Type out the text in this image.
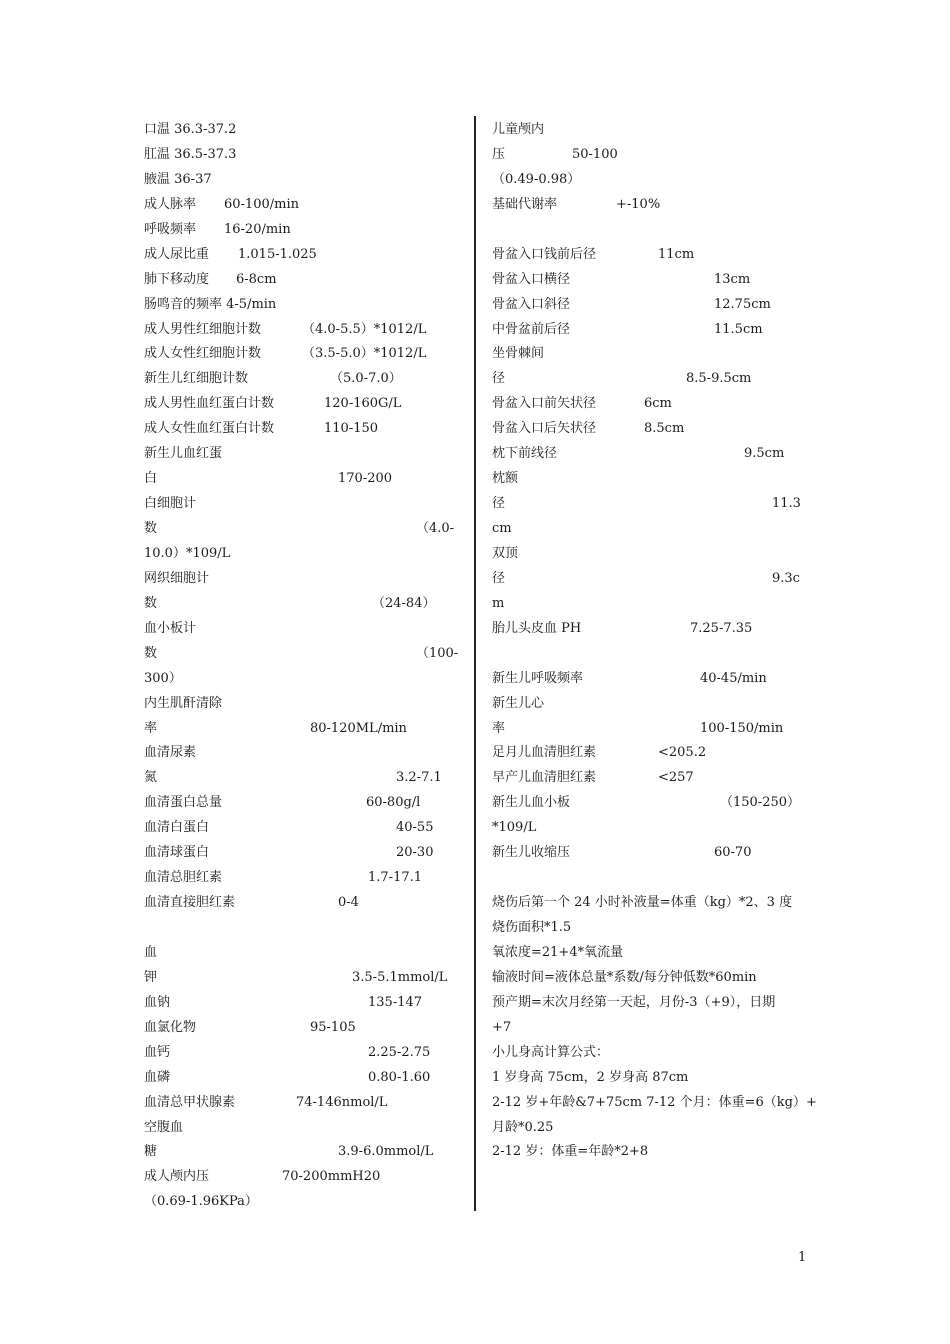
口温 36.3-37.2
肛温 36.5-37.3
腋温 36-37
成人脉率 60-100/min
呼吸频率 16-20/min
成人尿比重 1.015-1.025
肺下移动度 6-8cm
肠鸣音的频率 4-5/min
成人男性红细胞计数	（4.0-5.5）*1012/L
成人女性红细胞计数	（3.5-5.0）*1012/L
新生儿红细胞计数	（5.0-7.0）
成人男性血红蛋白计数	120-160G/L
成人女性血红蛋白计数	110-150
新生儿血红蛋
白	170-200
白细胞计
数	（4.0-
10.0）*109/L
网织细胞计
数	（24-84）
血小板计
数	（100-
300）
内生肌酐清除
率	80-120ML/min
血清尿素
氮	3.2-7.1
血清蛋白总量	60-80g/l
血清白蛋白	40-55
血清球蛋白	20-30
血清总胆红素	1.7-17.1
血清直接胆红素	0-4
血
钾	3.5-5.1mmol/L
血钠	135-147
血氯化物	95-105
血钙	2.25-2.75
血磷	0.80-1.60
血清总甲状腺素	74-146nmol/L
空腹血
糖	3.9-6.0mmol/L
成人颅内压	70-200mmH20
（0.69-1.96KPa）
儿童颅内
压	50-100
（0.49-0.98）
基础代谢率	+-10%
骨盆入口钱前后径	11cm
骨盆入口横径	13cm
骨盆入口斜径	12.75cm
中骨盆前后径	11.5cm
坐骨棘间
径	8.5-9.5cm
骨盆入口前矢状径	6cm
骨盆入口后矢状径	8.5cm
枕下前线径	9.5cm
枕额
径	11.3
cm
双顶
径	9.3c
m
胎儿头皮血 PH	7.25-7.35
新生儿呼吸频率	40-45/min
新生儿心
率	100-150/min
足月儿血清胆红素	<205.2
早产儿血清胆红素	<257
新生儿血小板	（150-250）
*109/L
新生儿收缩压	60-70
烧伤后第一个 24 小时补液量=体重（kg）*2、3 度
烧伤面积*1.5
氧浓度=21+4*氧流量
输液时间=液体总量*系数/每分钟低数*60min
预产期=末次月经第一天起，月份-3（+9），日期
+7
小儿身高计算公式：
1 岁身高 75cm，2 岁身高 87cm
2-12 岁+年龄&7+75cm 7-12 个月：体重=6（kg）+
月龄*0.25
2-12 岁：体重=年龄*2+8
1
